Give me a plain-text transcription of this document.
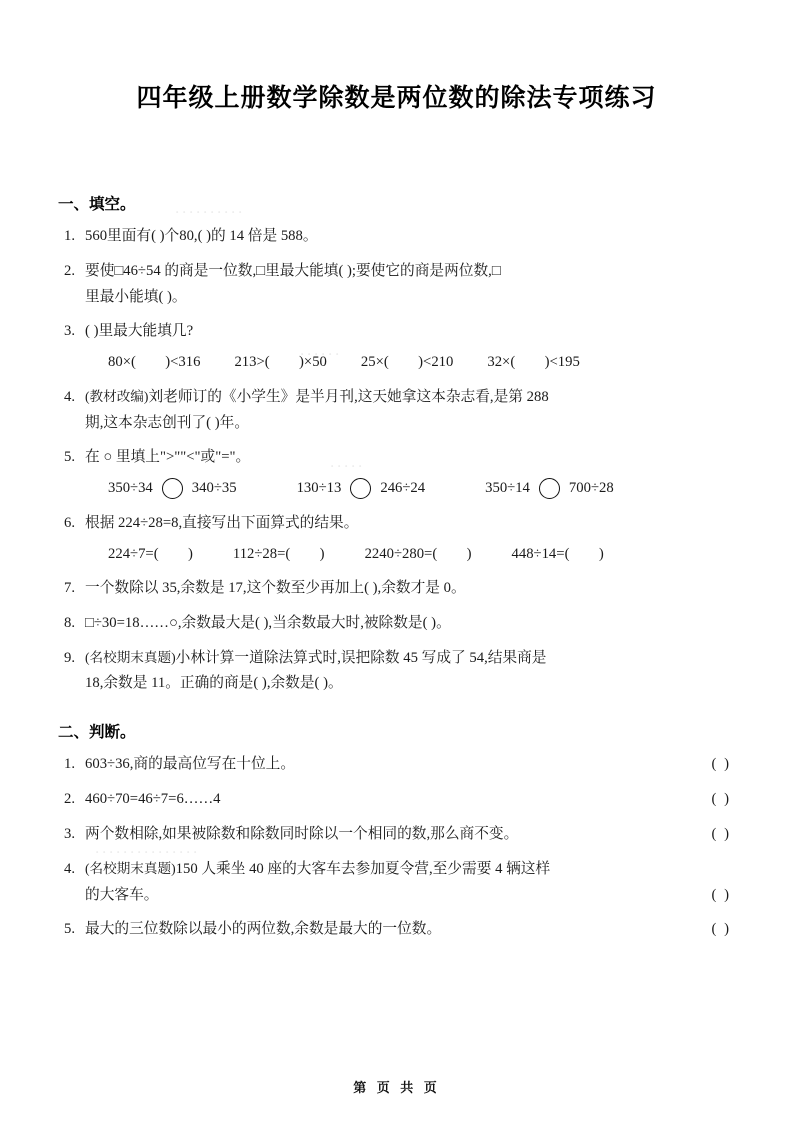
．．．．．．．．．．
．．．．．．
．．．．．
．．．．．．．．．．．．．．．
四年级上册数学除数是两位数的除法专项练习
一、填空。
1. 560里面有( )个80,( )的 14 倍是 588。
2. 要使□46÷54 的商是一位数,□里最大能填( );要使它的商是两位数,□
里最小能填( )。
3. ( )里最大能填几?
80×(        )<316 213>(        )×50 25×(        )<210 32×(        )<195
4. (教材改编)刘老师订的《小学生》是半月刊,这天她拿这本杂志看,是第 288
期,这本杂志创刊了( )年。
5. 在 ○ 里填上">""<"或"="。
350÷34	340÷35	130÷13	246÷24	350÷14	700÷28
6. 根据 224÷28=8,直接写出下面算式的结果。
224÷7=(        )	112÷28=(        )	2240÷280=(        )	448÷14=(        )
7. 一个数除以 35,余数是 17,这个数至少再加上( ),余数才是 0。
8. □÷30=18……○,余数最大是( ),当余数最大时,被除数是( )。
9. (名校期末真题)小林计算一道除法算式时,误把除数 45 写成了 54,结果商是
18,余数是 11。正确的商是( ),余数是( )。
二、判断。
1. 603÷36,商的最高位写在十位上。	( )
2. 460÷70=46÷7=6……4	( )
3. 两个数相除,如果被除数和除数同时除以一个相同的数,那么商不变。	( )
4. (名校期末真题)150 人乘坐 40 座的大客车去参加夏令营,至少需要 4 辆这样
的大客车。	( )
5. 最大的三位数除以最小的两位数,余数是最大的一位数。	( )
第 页 共 页
